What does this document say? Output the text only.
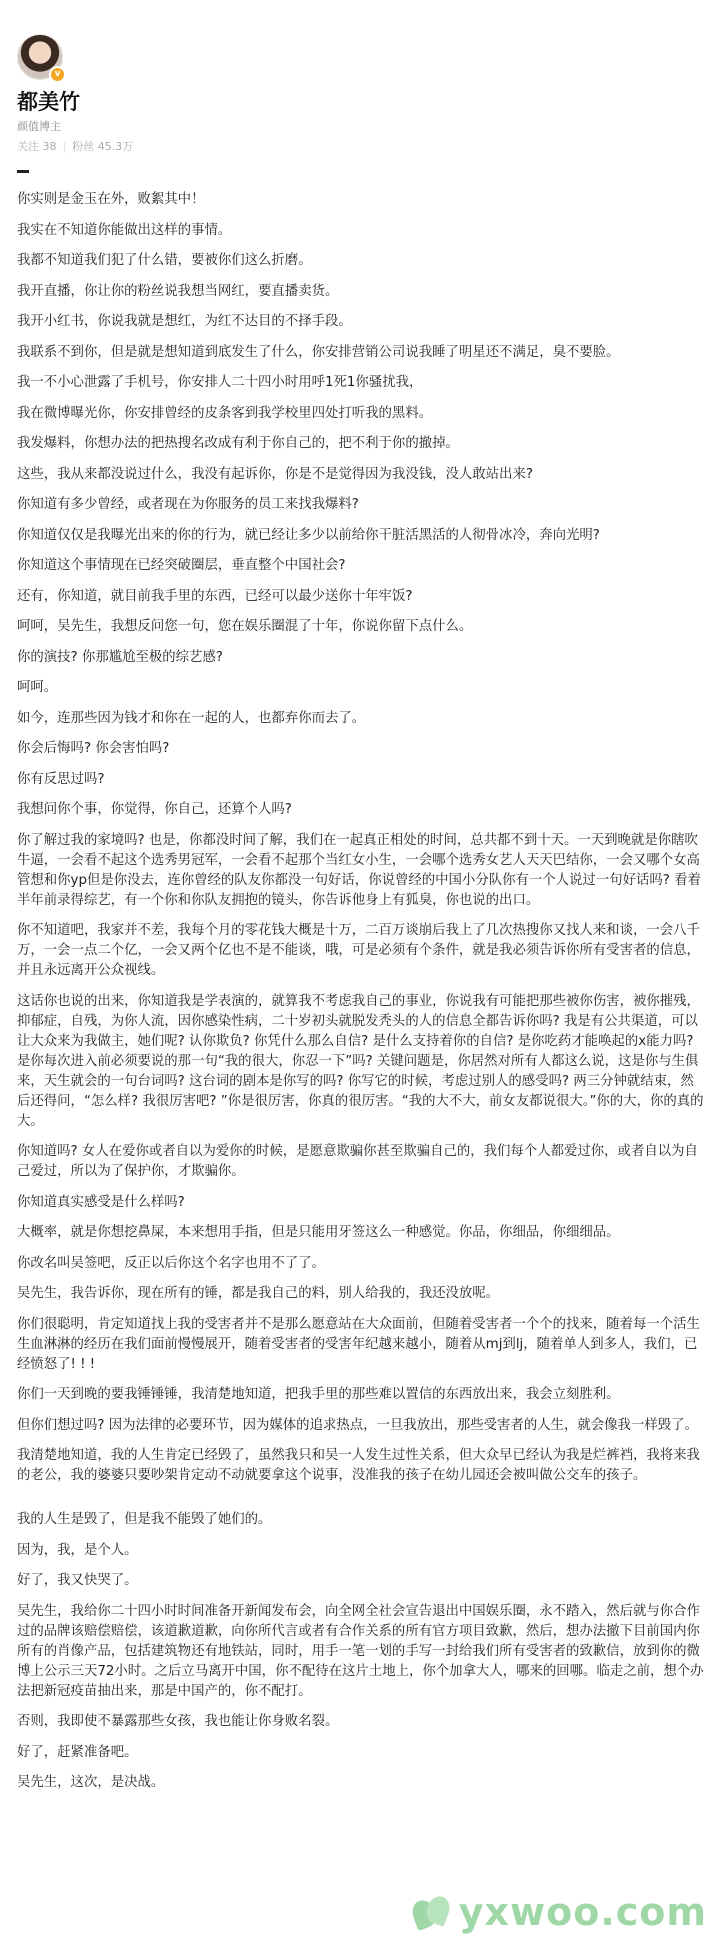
v
都美竹
颜值博主
关注 38 | 粉丝 45.3万

你实则是金玉在外，败絮其中！

我实在不知道你能做出这样的事情。

我都不知道我们犯了什么错，要被你们这么折磨。

我开直播，你让你的粉丝说我想当网红，要直播卖货。

我开小红书，你说我就是想红，为红不达目的不择手段。

我联系不到你，但是就是想知道到底发生了什么，你安排营销公司说我睡了明星还不满足，臭不要脸。

我一不小心泄露了手机号，你安排人二十四小时用呼1死1你骚扰我，

我在微博曝光你，你安排曾经的皮条客到我学校里四处打听我的黑料。

我发爆料，你想办法的把热搜名改成有利于你自己的，把不利于你的撤掉。

这些，我从来都没说过什么，我没有起诉你，你是不是觉得因为我没钱，没人敢站出来?

你知道有多少曾经，或者现在为你服务的员工来找我爆料?

你知道仅仅是我曝光出来的你的行为，就已经让多少以前给你干脏活黑活的人彻骨冰冷，奔向光明?

你知道这个事情现在已经突破圈层，垂直整个中国社会?

还有，你知道，就目前我手里的东西，已经可以最少送你十年牢饭?

呵呵，吴先生，我想反问您一句，您在娱乐圈混了十年，你说你留下点什么。

你的演技? 你那尴尬至极的综艺感?

呵呵。

如今，连那些因为钱才和你在一起的人，也都弃你而去了。

你会后悔吗? 你会害怕吗?

你有反思过吗?

我想问你个事，你觉得，你自己，还算个人吗?

你了解过我的家境吗? 也是，你都没时间了解，我们在一起真正相处的时间，总共都不到十天。一天到晚就是你瞎吹牛逼，一会看不起这个选秀男冠军，一会看不起那个当红女小生，一会哪个选秀女艺人天天巴结你，一会又哪个女高管想和你yp但是你没去，连你曾经的队友你都没一句好话，你说曾经的中国小分队你有一个人说过一句好话吗? 看着半年前录得综艺，有一个你和你队友拥抱的镜头，你告诉他身上有狐臭，你也说的出口。

你不知道吧，我家并不差，我每个月的零花钱大概是十万，二百万谈崩后我上了几次热搜你又找人来和谈，一会八千万，一会一点二个亿，一会又两个亿也不是不能谈，哦，可是必须有个条件，就是我必须告诉你所有受害者的信息，并且永远离开公众视线。

这话你也说的出来，你知道我是学表演的，就算我不考虑我自己的事业，你说我有可能把那些被你伤害，被你摧残，抑郁症，自残，为你人流，因你感染性病，二十岁初头就脱发秃头的人的信息全都告诉你吗? 我是有公共渠道，可以让大众来为我做主，她们呢? 认你欺负? 你凭什么那么自信? 是什么支持着你的自信? 是你吃药才能唤起的x能力吗? 是你每次进入前必须要说的那一句“我的很大，你忍一下”吗? 关键问题是，你居然对所有人都这么说，这是你与生俱来，天生就会的一句台词吗? 这台词的剧本是你写的吗? 你写它的时候，考虑过别人的感受吗? 两三分钟就结束，然后还得问，“怎么样? 我很厉害吧? ”你是很厉害，你真的很厉害。“我的大不大，前女友都说很大。”你的大，你的真的大。

你知道吗? 女人在爱你或者自以为爱你的时候，是愿意欺骗你甚至欺骗自己的，我们每个人都爱过你，或者自以为自己爱过，所以为了保护你，才欺骗你。

你知道真实感受是什么样吗?

大概率，就是你想挖鼻屎，本来想用手指，但是只能用牙签这么一种感觉。你品，你细品，你细细品。

你改名叫吴签吧，反正以后你这个名字也用不了了。

吴先生，我告诉你，现在所有的锤，都是我自己的料，别人给我的，我还没放呢。

你们很聪明，肯定知道找上我的受害者并不是那么愿意站在大众面前，但随着受害者一个个的找来，随着每一个活生生血淋淋的经历在我们面前慢慢展开，随着受害者的受害年纪越来越小，随着从mj到lj，随着单人到多人，我们，已经愤怒了! ! !

你们一天到晚的要我锤锤锤，我清楚地知道，把我手里的那些难以置信的东西放出来，我会立刻胜利。

但你们想过吗? 因为法律的必要环节，因为媒体的追求热点，一旦我放出，那些受害者的人生，就会像我一样毁了。

我清楚地知道，我的人生肯定已经毁了，虽然我只和吴一人发生过性关系，但大众早已经认为我是烂裤裆，我将来我的老公，我的婆婆只要吵架肯定动不动就要拿这个说事，没准我的孩子在幼儿园还会被叫做公交车的孩子。

我的人生是毁了，但是我不能毁了她们的。

因为，我，是个人。

好了，我又快哭了。

吴先生，我给你二十四小时时间准备开新闻发布会，向全网全社会宣告退出中国娱乐圈，永不踏入，然后就与你合作过的品牌该赔偿赔偿，该道歉道歉，向你所代言或者有合作关系的所有官方项目致歉，然后，想办法撤下目前国内你所有的肖像产品，包括建筑物还有地铁站，同时，用手一笔一划的手写一封给我们所有受害者的致歉信，放到你的微博上公示三天72小时。之后立马离开中国，你不配待在这片土地上，你个加拿大人，哪来的回哪。临走之前，想个办法把新冠疫苗抽出来，那是中国产的，你不配打。

否则，我即使不暴露那些女孩，我也能让你身败名裂。

好了，赶紧准备吧。

吴先生，这次，是决战。

yxwoo.com
